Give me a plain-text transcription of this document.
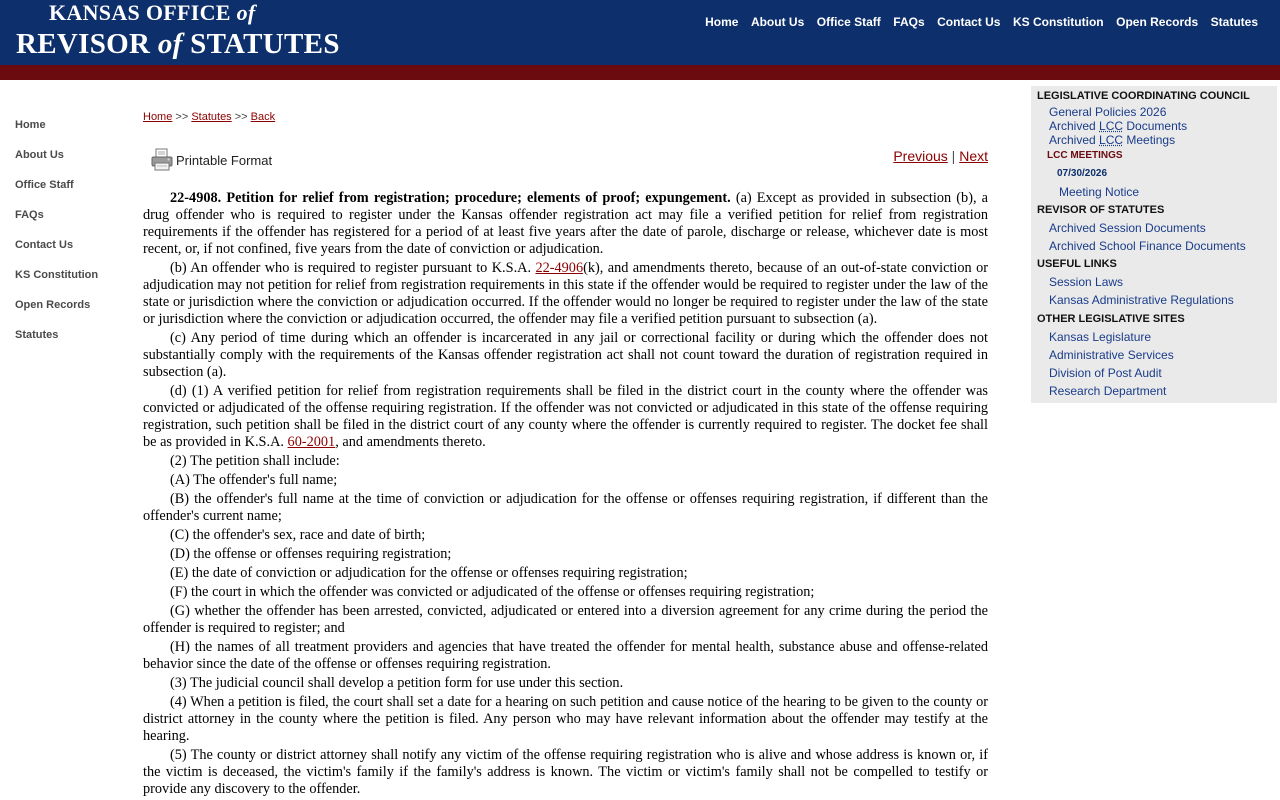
KANSAS OFFICE of
REVISOR of STATUTES
Home About Us Office Staff FAQs Contact Us KS Constitution Open Records Statutes
Home
About Us
Office Staff
FAQs
Contact Us
KS Constitution
Open Records
Statutes
Home >> Statutes >> Back
Printable Format	Previous | Next

22-4908. Petition for relief from registration; procedure; elements of proof; expungement. (a) Except as provided in subsection (b), a drug offender who is required to register under the Kansas offender registration act may file a verified petition for relief from registration requirements if the offender has registered for a period of at least five years after the date of parole, discharge or release, whichever date is most recent, or, if not confined, five years from the date of conviction or adjudication.

(b) An offender who is required to register pursuant to K.S.A. 22-4906(k), and amendments thereto, because of an out-of-state conviction or adjudication may not petition for relief from registration requirements in this state if the offender would be required to register under the law of the state or jurisdiction where the conviction or adjudication occurred. If the offender would no longer be required to register under the law of the state or jurisdiction where the conviction or adjudication occurred, the offender may file a verified petition pursuant to subsection (a).

(c) Any period of time during which an offender is incarcerated in any jail or correctional facility or during which the offender does not substantially comply with the requirements of the Kansas offender registration act shall not count toward the duration of registration required in subsection (a).

(d) (1) A verified petition for relief from registration requirements shall be filed in the district court in the county where the offender was convicted or adjudicated of the offense requiring registration. If the offender was not convicted or adjudicated in this state of the offense requiring registration, such petition shall be filed in the district court of any county where the offender is currently required to register. The docket fee shall be as provided in K.S.A. 60-2001, and amendments thereto.

(2) The petition shall include:

(A) The offender's full name;

(B) the offender's full name at the time of conviction or adjudication for the offense or offenses requiring registration, if different than the offender's current name;

(C) the offender's sex, race and date of birth;

(D) the offense or offenses requiring registration;

(E) the date of conviction or adjudication for the offense or offenses requiring registration;

(F) the court in which the offender was convicted or adjudicated of the offense or offenses requiring registration;

(G) whether the offender has been arrested, convicted, adjudicated or entered into a diversion agreement for any crime during the period the offender is required to register; and

(H) the names of all treatment providers and agencies that have treated the offender for mental health, substance abuse and offense-related behavior since the date of the offense or offenses requiring registration.

(3) The judicial council shall develop a petition form for use under this section.

(4) When a petition is filed, the court shall set a date for a hearing on such petition and cause notice of the hearing to be given to the county or district attorney in the county where the petition is filed. Any person who may have relevant information about the offender may testify at the hearing.

(5) The county or district attorney shall notify any victim of the offense requiring registration who is alive and whose address is known or, if the victim is deceased, the victim's family if the family's address is known. The victim or victim's family shall not be compelled to testify or provide any discovery to the offender.

LEGISLATIVE COORDINATING COUNCIL
General Policies 2026
Archived LCC Documents
Archived LCC Meetings
LCC MEETINGS
07/30/2026
Meeting Notice
REVISOR OF STATUTES
Archived Session Documents
Archived School Finance Documents
USEFUL LINKS
Session Laws
Kansas Administrative Regulations
OTHER LEGISLATIVE SITES
Kansas Legislature
Administrative Services
Division of Post Audit
Research Department
